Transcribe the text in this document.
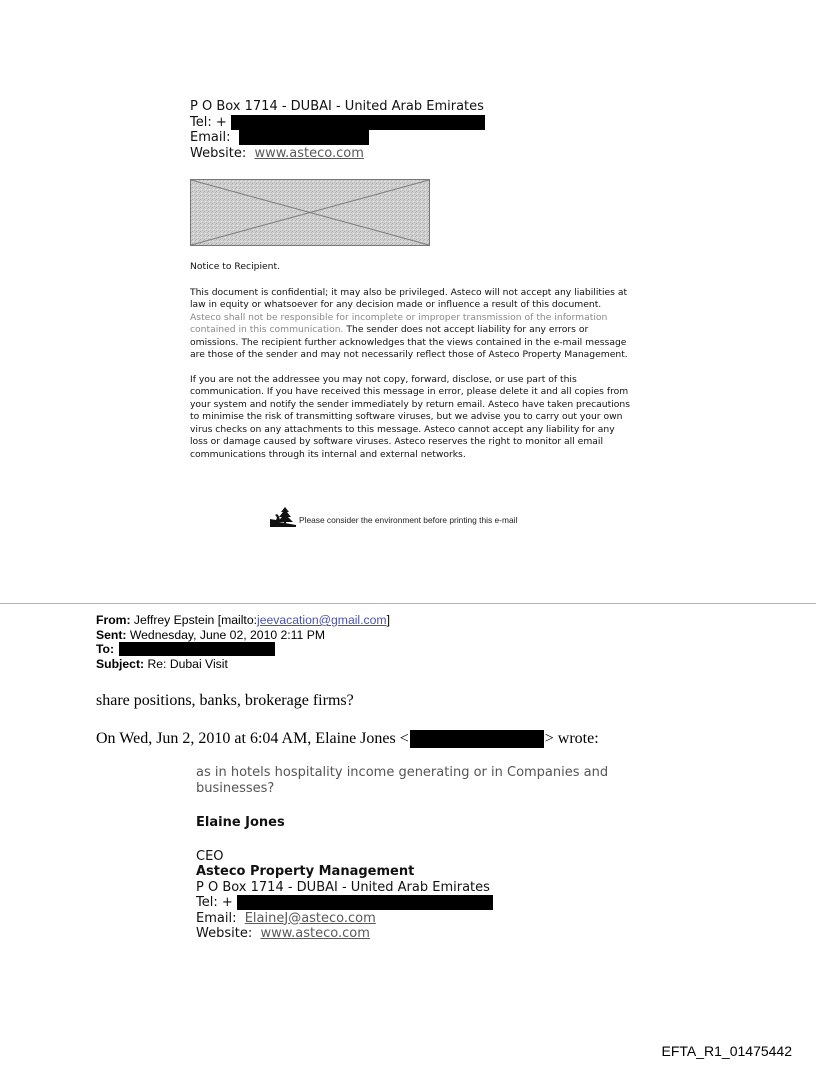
P O Box 1714 - DUBAI - United Arab Emirates
Tel: +
Email:
Website: www.asteco.com
Notice to Recipient.
This document is confidential; it may also be privileged. Asteco will not accept any liabilities at law in equity or whatsoever for any decision made or influence a result of this document. Asteco shall not be responsible for incomplete or improper transmission of the information contained in this communication. The sender does not accept liability for any errors or omissions. The recipient further acknowledges that the views contained in the e-mail message are those of the sender and may not necessarily reflect those of Asteco Property Management.
If you are not the addressee you may not copy, forward, disclose, or use part of this communication. If you have received this message in error, please delete it and all copies from your system and notify the sender immediately by return email. Asteco have taken precautions to minimise the risk of transmitting software viruses, but we advise you to carry out your own virus checks on any attachments to this message. Asteco cannot accept any liability for any loss or damage caused by software viruses. Asteco reserves the right to monitor all email communications through its internal and external networks.
Please consider the environment before printing this e-mail
From: Jeffrey Epstein [mailto:jeevacation@gmail.com]
Sent: Wednesday, June 02, 2010 2:11 PM
To:
Subject: Re: Dubai Visit
share positions, banks, brokerage firms?
On Wed, Jun 2, 2010 at 6:04 AM, Elaine Jones <	> wrote:
as in hotels hospitality income generating or in Companies and businesses?
Elaine Jones
CEO
Asteco Property Management
P O Box 1714 - DUBAI - United Arab Emirates
Tel: +
Email: ElaineJ@asteco.com
Website: www.asteco.com
EFTA_R1_01475442
